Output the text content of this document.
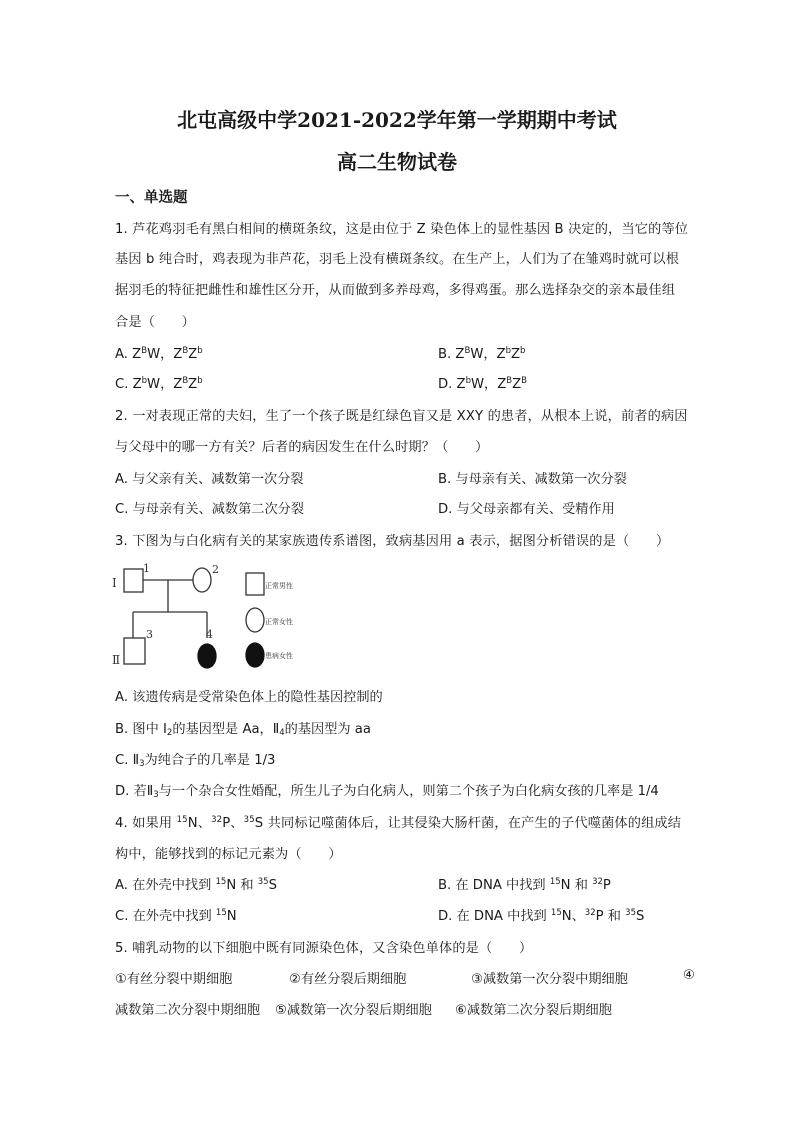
北屯高级中学2021-2022学年第一学期期中考试
高二生物试卷
一、单选题
1. 芦花鸡羽毛有黑白相间的横斑条纹，这是由位于 Z 染色体上的显性基因 B 决定的，当它的等位
基因 b 纯合时，鸡表现为非芦花，羽毛上没有横斑条纹。在生产上，人们为了在雏鸡时就可以根
据羽毛的特征把雌性和雄性区分开，从而做到多养母鸡，多得鸡蛋。那么选择杂交的亲本最佳组
合是（　　）
A. $Z^BW$，$Z^BZ^b$	B. $Z^BW$，$Z^bZ^b$
C. $Z^bW$，$Z^BZ^b$	D. $Z^bW$，$Z^BZ^B$
2. 一对表现正常的夫妇，生了一个孩子既是红绿色盲又是 XXY 的患者，从根本上说，前者的病因
与父母中的哪一方有关？后者的病因发生在什么时期？（　　）
A. 与父亲有关、减数第一次分裂	B. 与母亲有关、减数第一次分裂
C. 与母亲有关、减数第二次分裂	D. 与父母亲都有关、受精作用
3. 下图为与白化病有关的某家族遗传系谱图，致病基因用 a 表示，据图分析错误的是（　　）
Ⅰ
Ⅱ
1	2
3	4
正常男性
正常女性
患病女性
A. 该遗传病是受常染色体上的隐性基因控制的
B. 图中 $I_2$的基因型是 Aa，$Ⅱ_4$的基因型为 aa
C. $Ⅱ_3$为纯合子的几率是 1/3
D. 若$Ⅱ_3$与一个杂合女性婚配，所生儿子为白化病人，则第二个孩子为白化病女孩的几率是 1/4
4. 如果用 $^{15}$N、$^{32}$P、$^{35}$S 共同标记噬菌体后，让其侵染大肠杆菌，在产生的子代噬菌体的组成结
构中，能够找到的标记元素为（　　）
A. 在外壳中找到 $^{15}$N 和 $^{35}$S	B. 在 DNA 中找到 $^{15}$N 和 $^{32}$P
C. 在外壳中找到 $^{15}$N	D. 在 DNA 中找到 $^{15}$N、$^{32}$P 和 $^{35}$S
5. 哺乳动物的以下细胞中既有同源染色体，又含染色单体的是（　　）
①有丝分裂中期细胞	②有丝分裂后期细胞	③减数第一次分裂中期细胞	④
减数第二次分裂中期细胞 ⑤减数第一次分裂后期细胞 ⑥减数第二次分裂后期细胞
